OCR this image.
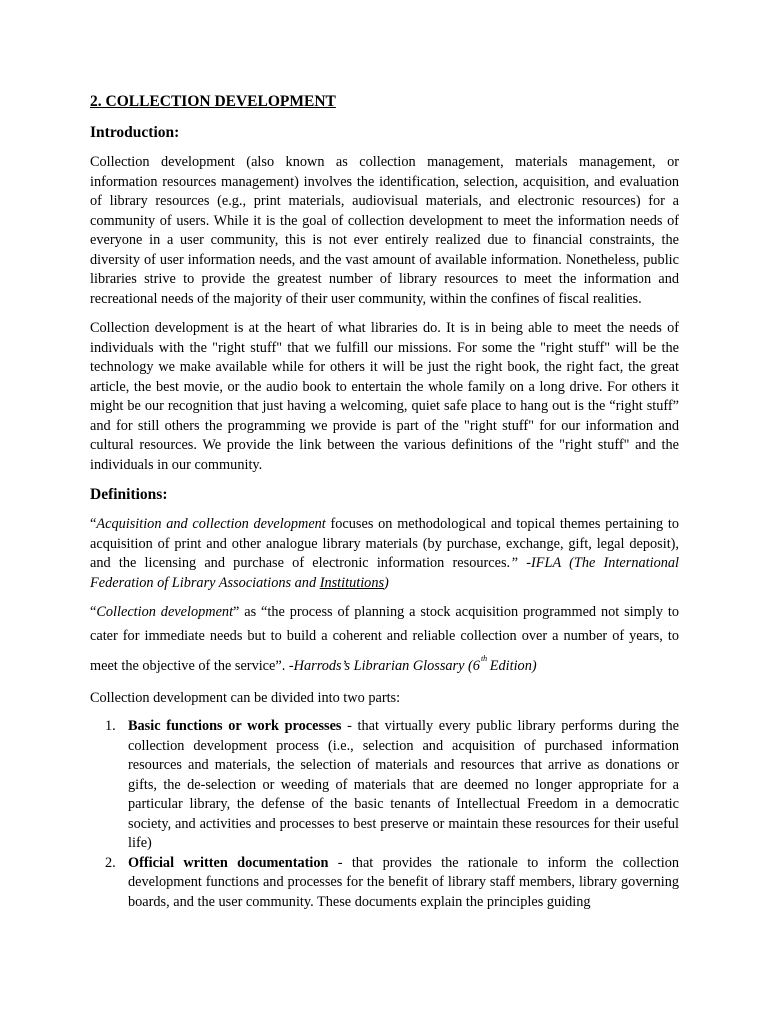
2. COLLECTION DEVELOPMENT
Introduction:

Collection development (also known as collection management, materials management, or information resources management) involves the identification, selection, acquisition, and evaluation of library resources (e.g., print materials, audiovisual materials, and electronic resources) for a community of users. While it is the goal of collection development to meet the information needs of everyone in a user community, this is not ever entirely realized due to financial constraints, the diversity of user information needs, and the vast amount of available information. Nonetheless, public libraries strive to provide the greatest number of library resources to meet the information and recreational needs of the majority of their user community, within the confines of fiscal realities.

Collection development is at the heart of what libraries do. It is in being able to meet the needs of individuals with the "right stuff" that we fulfill our missions. For some the "right stuff" will be the technology we make available while for others it will be just the right book, the right fact, the great article, the best movie, or the audio book to entertain the whole family on a long drive. For others it might be our recognition that just having a welcoming, quiet safe place to hang out is the “right stuff” and for still others the programming we provide is part of the "right stuff" for our information and cultural resources. We provide the link between the various definitions of the "right stuff" and the individuals in our community.

Definitions:

“Acquisition and collection development focuses on methodological and topical themes pertaining to acquisition of print and other analogue library materials (by purchase, exchange, gift, legal deposit), and the licensing and purchase of electronic information resources.” -IFLA (The International Federation of Library Associations and Institutions)

“Collection development” as “the process of planning a stock acquisition programmed not simply to cater for immediate needs but to build a coherent and reliable collection over a number of years, to meet the objective of the service”. -Harrods’s Librarian Glossary (6th Edition)

Collection development can be divided into two parts:

1. Basic functions or work processes - that virtually every public library performs during the collection development process (i.e., selection and acquisition of purchased information resources and materials, the selection of materials and resources that arrive as donations or gifts, the de-selection or weeding of materials that are deemed no longer appropriate for a particular library, the defense of the basic tenants of Intellectual Freedom in a democratic society, and activities and processes to best preserve or maintain these resources for their useful life)
2. Official written documentation - that provides the rationale to inform the collection development functions and processes for the benefit of library staff members, library governing boards, and the user community. These documents explain the principles guiding
